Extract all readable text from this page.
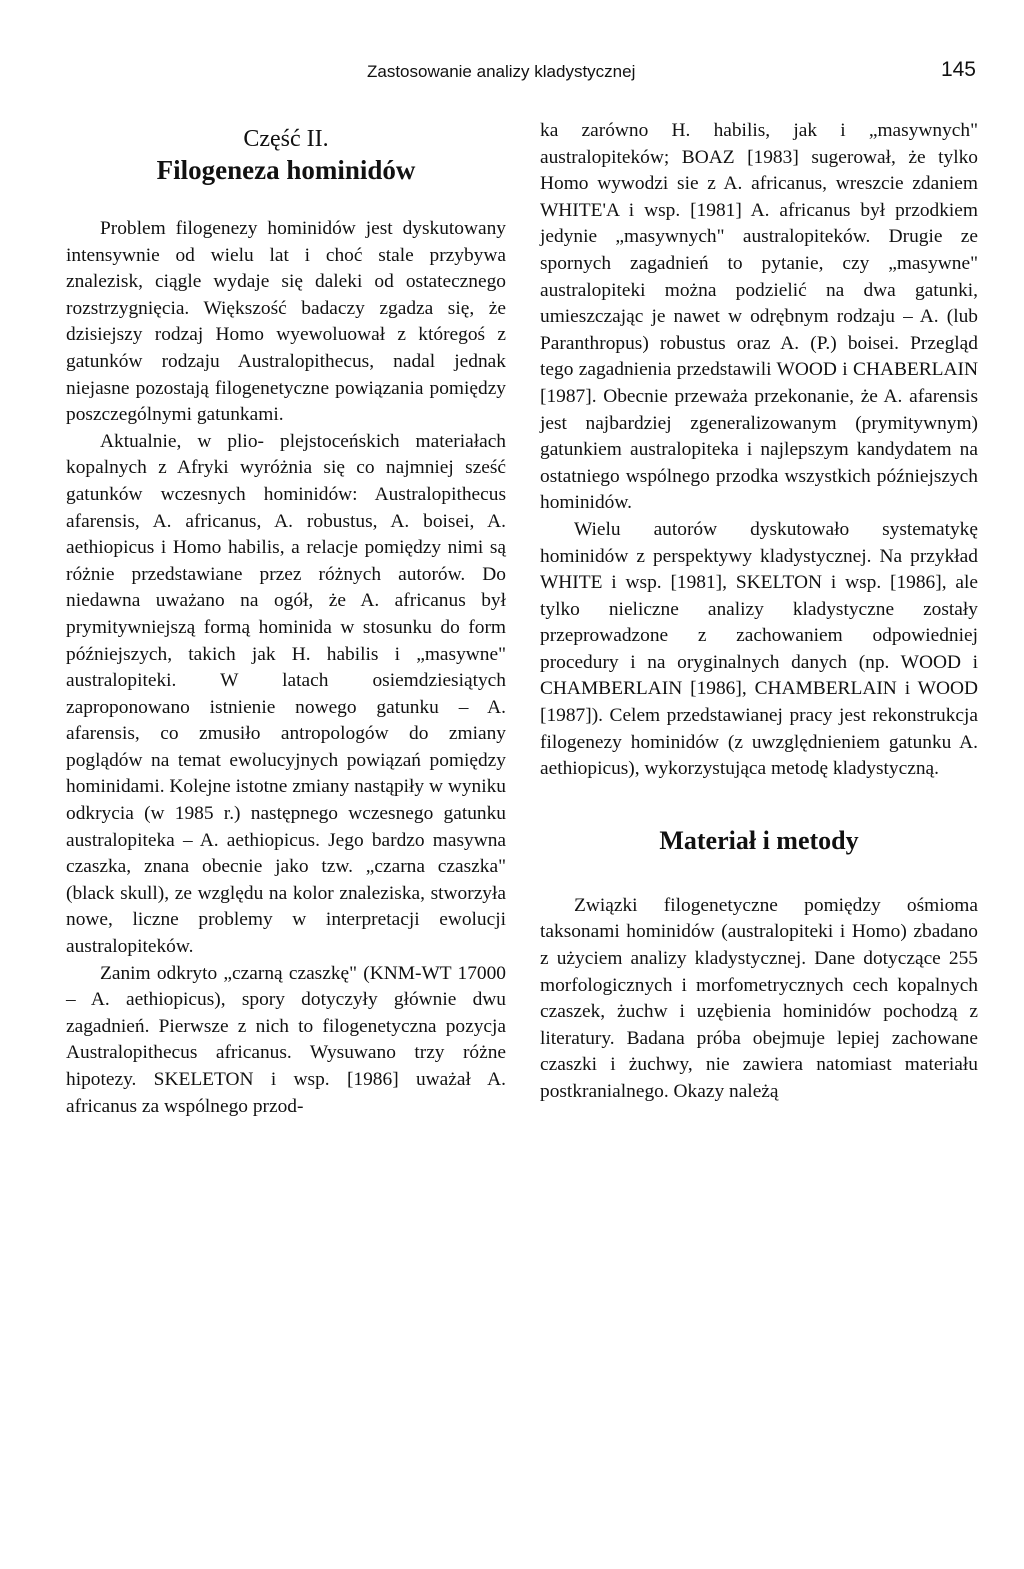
Zastosowanie analizy kladystycznej	145
Część II.
Filogeneza hominidów

Problem filogenezy hominidów jest dyskutowany intensywnie od wielu lat i choć stale przybywa znalezisk, ciągle wydaje się daleki od ostatecznego rozstrzygnięcia. Większość badaczy zgadza się, że dzisiejszy rodzaj Homo wyewoluował z któregoś z gatunków rodzaju Australopithecus, nadal jednak niejasne pozostają filogenetyczne powiązania pomiędzy poszczególnymi gatunkami.

Aktualnie, w plio- plejstoceńskich materiałach kopalnych z Afryki wyróżnia się co najmniej sześć gatunków wczesnych hominidów: Australopithecus afarensis, A. africanus, A. robustus, A. boisei, A. aethiopicus i Homo habilis, a relacje pomiędzy nimi są różnie przedstawiane przez różnych autorów. Do niedawna uważano na ogół, że A. africanus był prymitywniejszą formą hominida w stosunku do form późniejszych, takich jak H. habilis i „masywne" australopiteki. W latach osiemdziesiątych zaproponowano istnienie nowego gatunku – A. afarensis, co zmusiło antropologów do zmiany poglądów na temat ewolucyjnych powiązań pomiędzy hominidami. Kolejne istotne zmiany nastąpiły w wyniku odkrycia (w 1985 r.) następnego wczesnego gatunku australopiteka – A. aethiopicus. Jego bardzo masywna czaszka, znana obecnie jako tzw. „czarna czaszka" (black skull), ze względu na kolor znaleziska, stworzyła nowe, liczne problemy w interpretacji ewolucji australopiteków.

Zanim odkryto „czarną czaszkę" (KNM-WT 17000 – A. aethiopicus), spory dotyczyły głównie dwu zagadnień. Pierwsze z nich to filogenetyczna pozycja Australopithecus africanus. Wysuwano trzy różne hipotezy. SKELETON i wsp. [1986] uważał A. africanus za wspólnego przod-

ka zarówno H. habilis, jak i „masywnych" australopiteków; BOAZ [1983] sugerował, że tylko Homo wywodzi sie z A. africanus, wreszcie zdaniem WHITE'A i wsp. [1981] A. africanus był przodkiem jedynie „masywnych" australopiteków. Drugie ze spornych zagadnień to pytanie, czy „masywne" australopiteki można podzielić na dwa gatunki, umieszczając je nawet w odrębnym rodzaju – A. (lub Paranthropus) robustus oraz A. (P.) boisei. Przegląd tego zagadnienia przedstawili WOOD i CHABERLAIN [1987]. Obecnie przeważa przekonanie, że A. afarensis jest najbardziej zgeneralizowanym (prymitywnym) gatunkiem australopiteka i najlepszym kandydatem na ostatniego wspólnego przodka wszystkich późniejszych hominidów.

Wielu autorów dyskutowało systematykę hominidów z perspektywy kladystycznej. Na przykład WHITE i wsp. [1981], SKELTON i wsp. [1986], ale tylko nieliczne analizy kladystyczne zostały przeprowadzone z zachowaniem odpowiedniej procedury i na oryginalnych danych (np. WOOD i CHAMBERLAIN [1986], CHAMBERLAIN i WOOD [1987]). Celem przedstawianej pracy jest rekonstrukcja filogenezy hominidów (z uwzględnieniem gatunku A. aethiopicus), wykorzystująca metodę kladystyczną.

Materiał i metody

Związki filogenetyczne pomiędzy ośmioma taksonami hominidów (australopiteki i Homo) zbadano z użyciem analizy kladystycznej. Dane dotyczące 255 morfologicznych i morfometrycznych cech kopalnych czaszek, żuchw i uzębienia hominidów pochodzą z literatury. Badana próba obejmuje lepiej zachowane czaszki i żuchwy, nie zawiera natomiast materiału postkranialnego. Okazy należą
